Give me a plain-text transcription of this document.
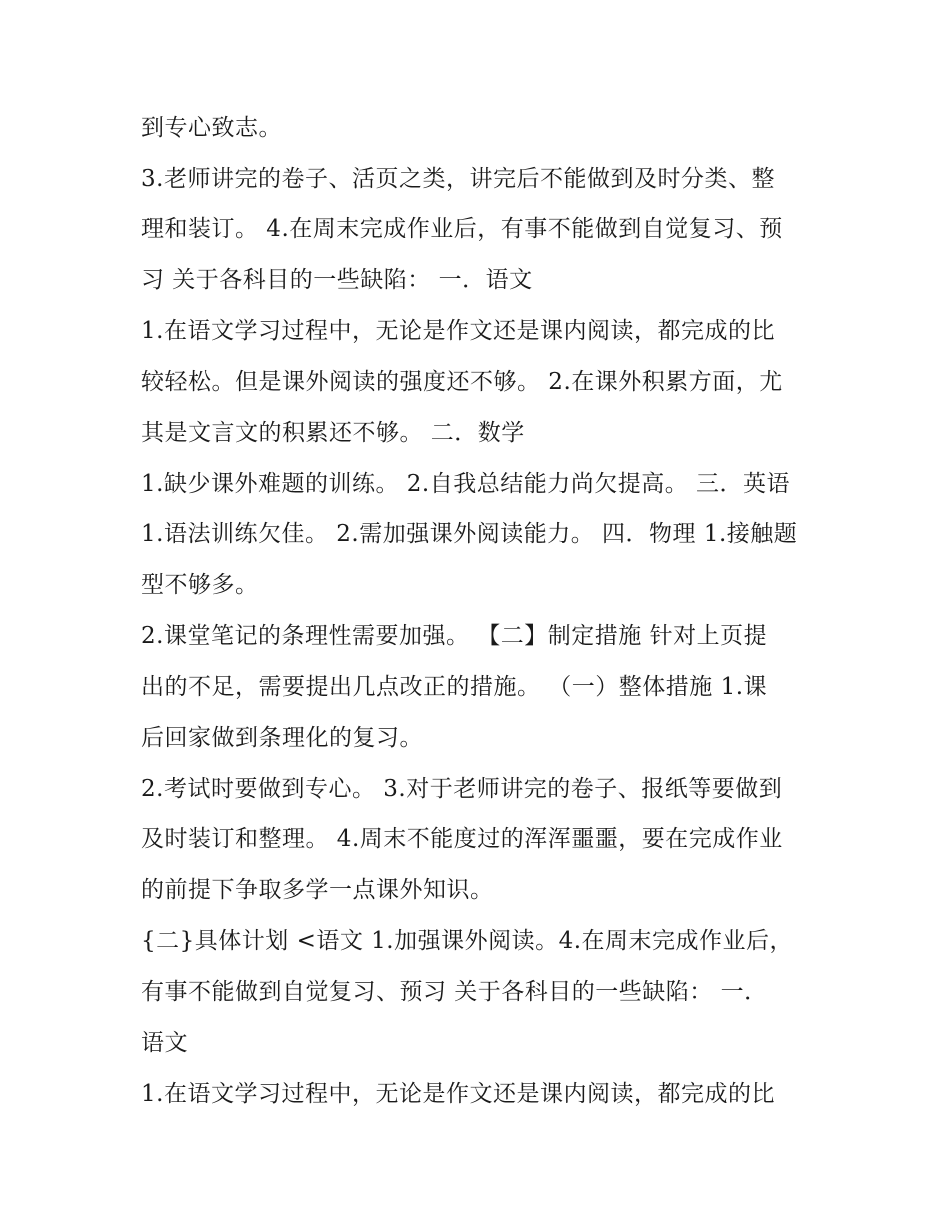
到专心致志。
3.老师讲完的卷子、活页之类，讲完后不能做到及时分类、整
理和装订。 4.在周末完成作业后，有事不能做到自觉复习、预
习 关于各科目的一些缺陷： 一．语文
1.在语文学习过程中，无论是作文还是课内阅读，都完成的比
较轻松。但是课外阅读的强度还不够。 2.在课外积累方面，尤
其是文言文的积累还不够。 二．数学
1.缺少课外难题的训练。 2.自我总结能力尚欠提高。 三．英语
1.语法训练欠佳。 2.需加强课外阅读能力。 四．物理 1.接触题
型不够多。
2.课堂笔记的条理性需要加强。 【二】制定措施 针对上页提
出的不足，需要提出几点改正的措施。 （一）整体措施 1.课
后回家做到条理化的复习。
2.考试时要做到专心。 3.对于老师讲完的卷子、报纸等要做到
及时装订和整理。 4.周末不能度过的浑浑噩噩，要在完成作业
的前提下争取多学一点课外知识。
{二}具体计划 <语文 1.加强课外阅读。4.在周末完成作业后，
有事不能做到自觉复习、预习 关于各科目的一些缺陷： 一．
语文
1.在语文学习过程中，无论是作文还是课内阅读，都完成的比
